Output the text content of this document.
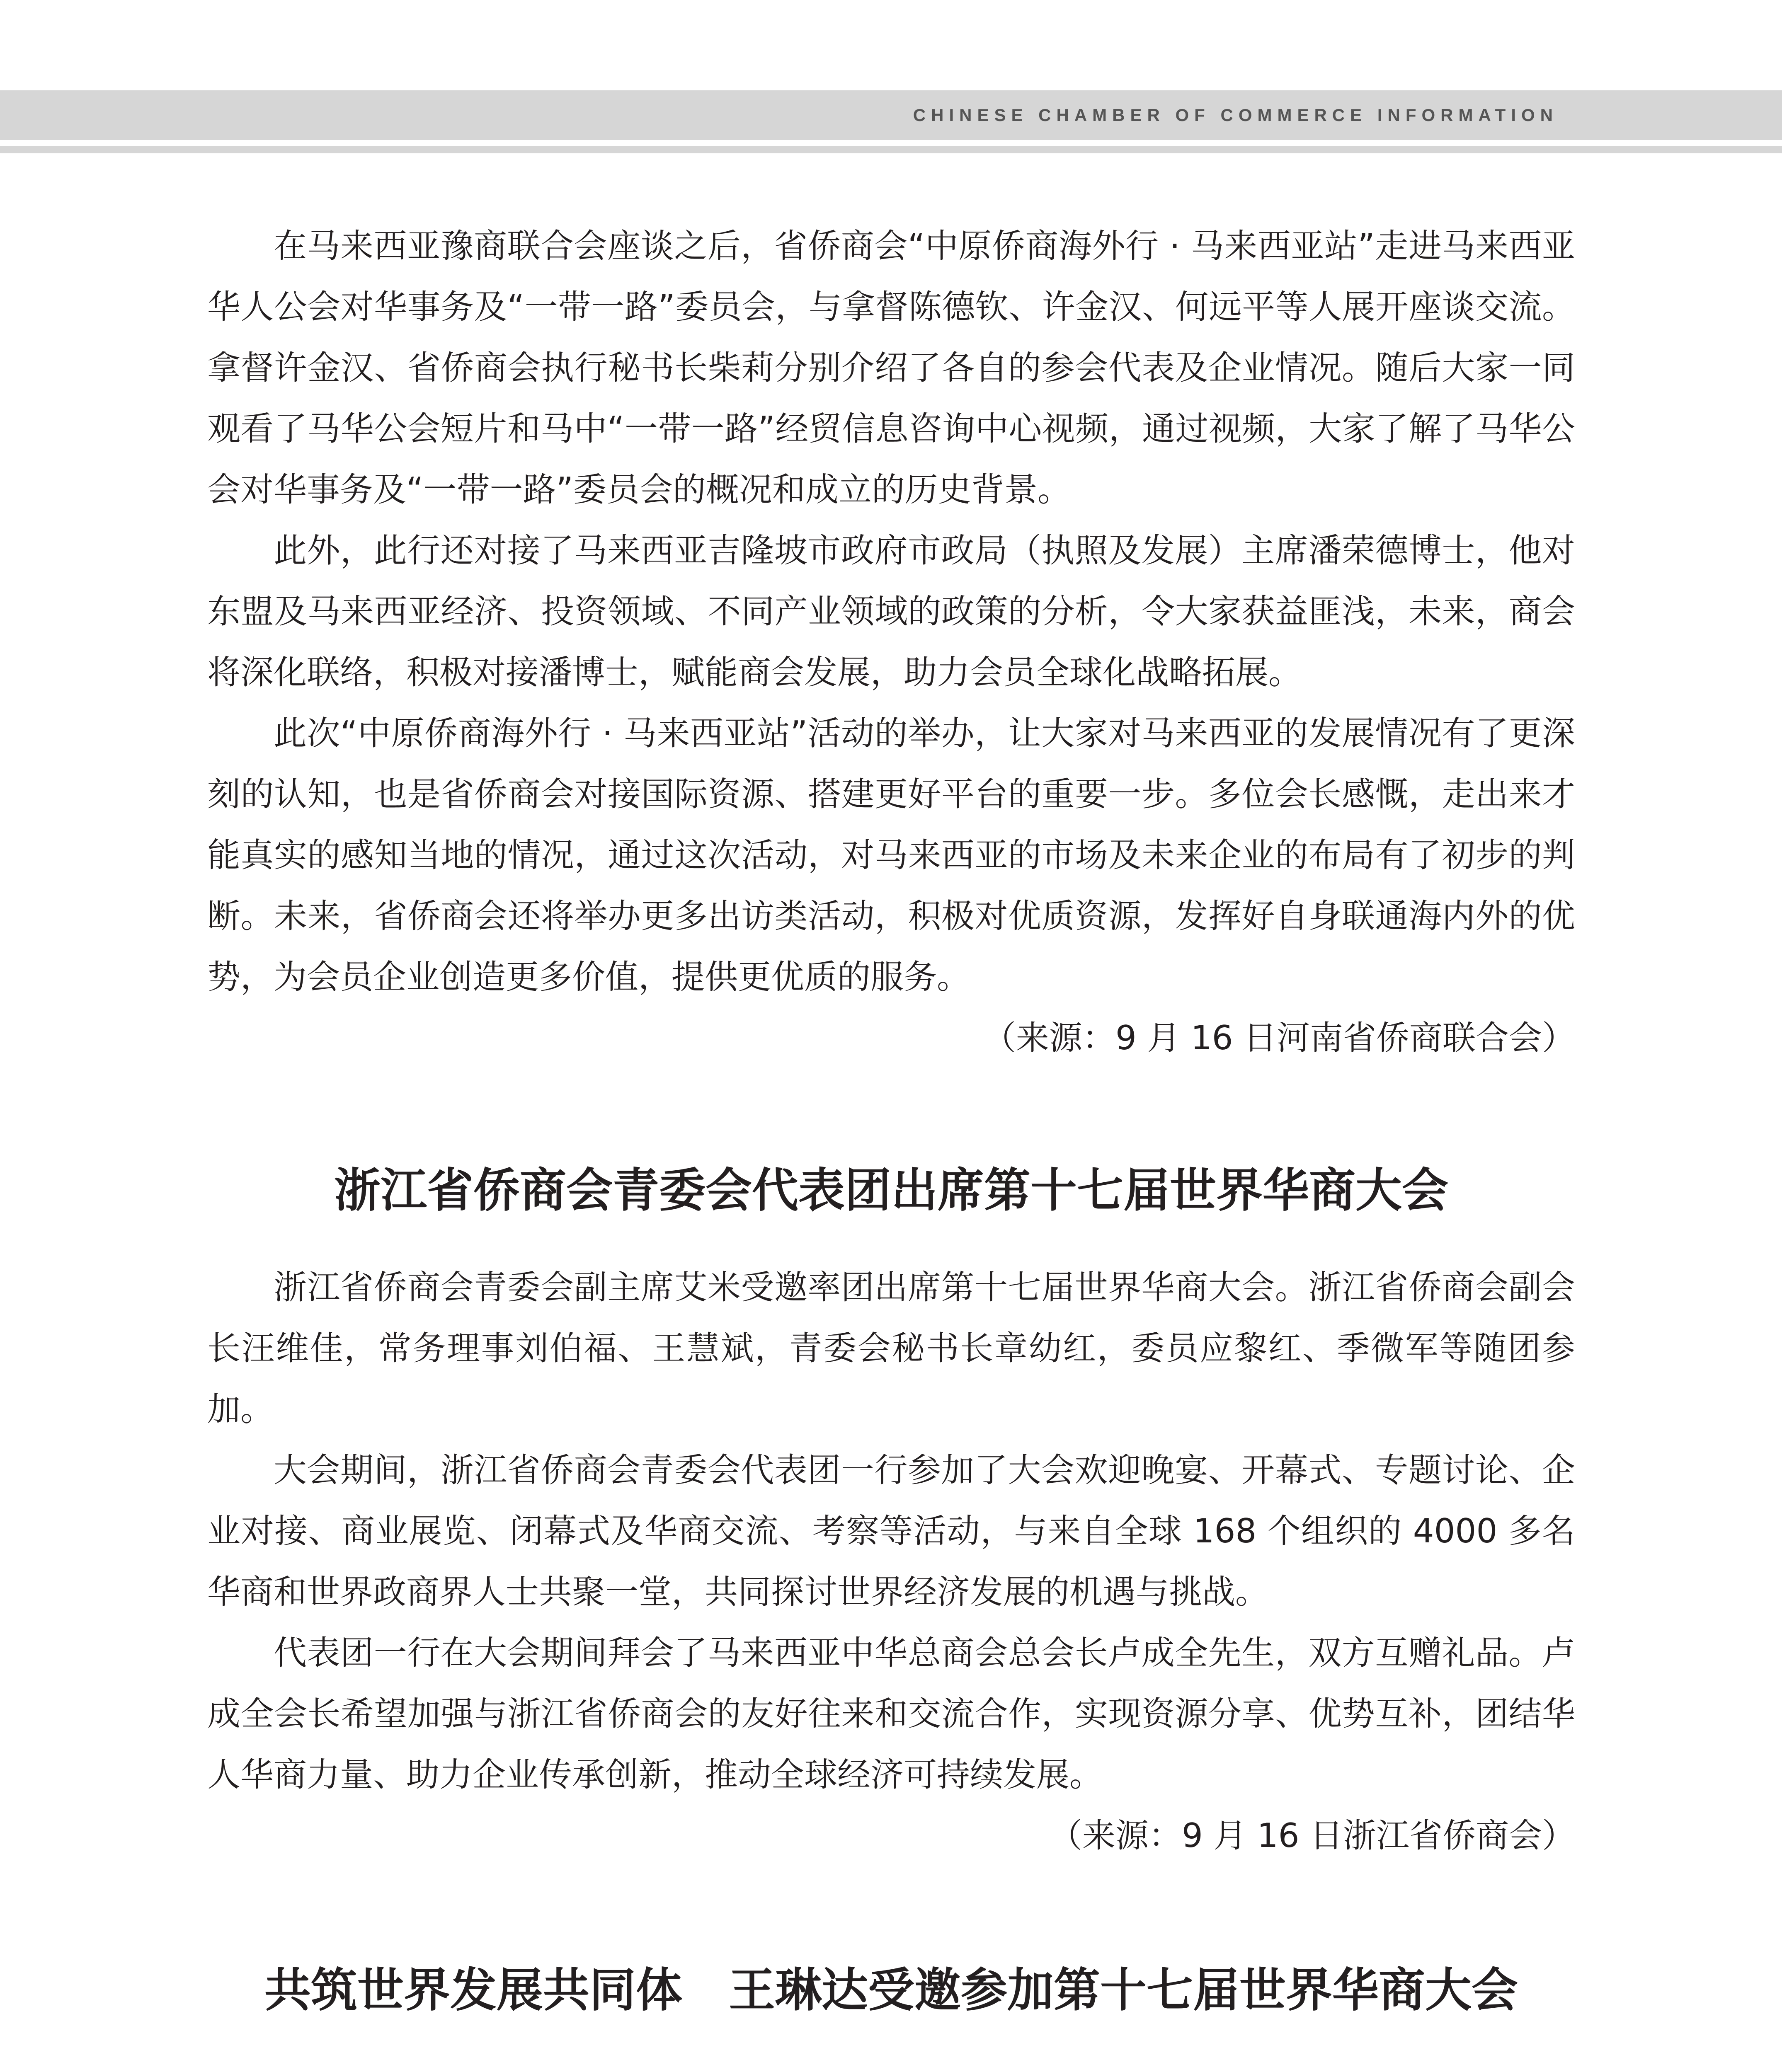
CHINESE CHAMBER OF COMMERCE INFORMATION

在马来西亚豫商联合会座谈之后，省侨商会“中原侨商海外行 · 马来西亚站”走进马来西亚华人公会对华事务及“一带一路”委员会，与拿督陈德钦、许金汉、何远平等人展开座谈交流。拿督许金汉、省侨商会执行秘书长柴莉分别介绍了各自的参会代表及企业情况。随后大家一同观看了马华公会短片和马中“一带一路”经贸信息咨询中心视频，通过视频，大家了解了马华公会对华事务及“一带一路”委员会的概况和成立的历史背景。

此外，此行还对接了马来西亚吉隆坡市政府市政局（执照及发展）主席潘荣德博士，他对东盟及马来西亚经济、投资领域、不同产业领域的政策的分析，令大家获益匪浅，未来，商会将深化联络，积极对接潘博士，赋能商会发展，助力会员全球化战略拓展。

此次“中原侨商海外行 · 马来西亚站”活动的举办，让大家对马来西亚的发展情况有了更深刻的认知，也是省侨商会对接国际资源、搭建更好平台的重要一步。多位会长感慨，走出来才能真实的感知当地的情况，通过这次活动，对马来西亚的市场及未来企业的布局有了初步的判断。未来，省侨商会还将举办更多出访类活动，积极对优质资源，发挥好自身联通海内外的优势，为会员企业创造更多价值，提供更优质的服务。

（来源：9 月 16 日河南省侨商联合会）

浙江省侨商会青委会代表团出席第十七届世界华商大会

浙江省侨商会青委会副主席艾米受邀率团出席第十七届世界华商大会。浙江省侨商会副会长汪维佳，常务理事刘伯福、王慧斌，青委会秘书长章幼红，委员应黎红、季微军等随团参加。

大会期间，浙江省侨商会青委会代表团一行参加了大会欢迎晚宴、开幕式、专题讨论、企业对接、商业展览、闭幕式及华商交流、考察等活动，与来自全球 168 个组织的 4000 多名华商和世界政商界人士共聚一堂，共同探讨世界经济发展的机遇与挑战。

代表团一行在大会期间拜会了马来西亚中华总商会总会长卢成全先生，双方互赠礼品。卢成全会长希望加强与浙江省侨商会的友好往来和交流合作，实现资源分享、优势互补，团结华人华商力量、助力企业传承创新，推动全球经济可持续发展。

（来源：9 月 16 日浙江省侨商会）

共筑世界发展共同体　王琳达受邀参加第十七届世界华商大会
